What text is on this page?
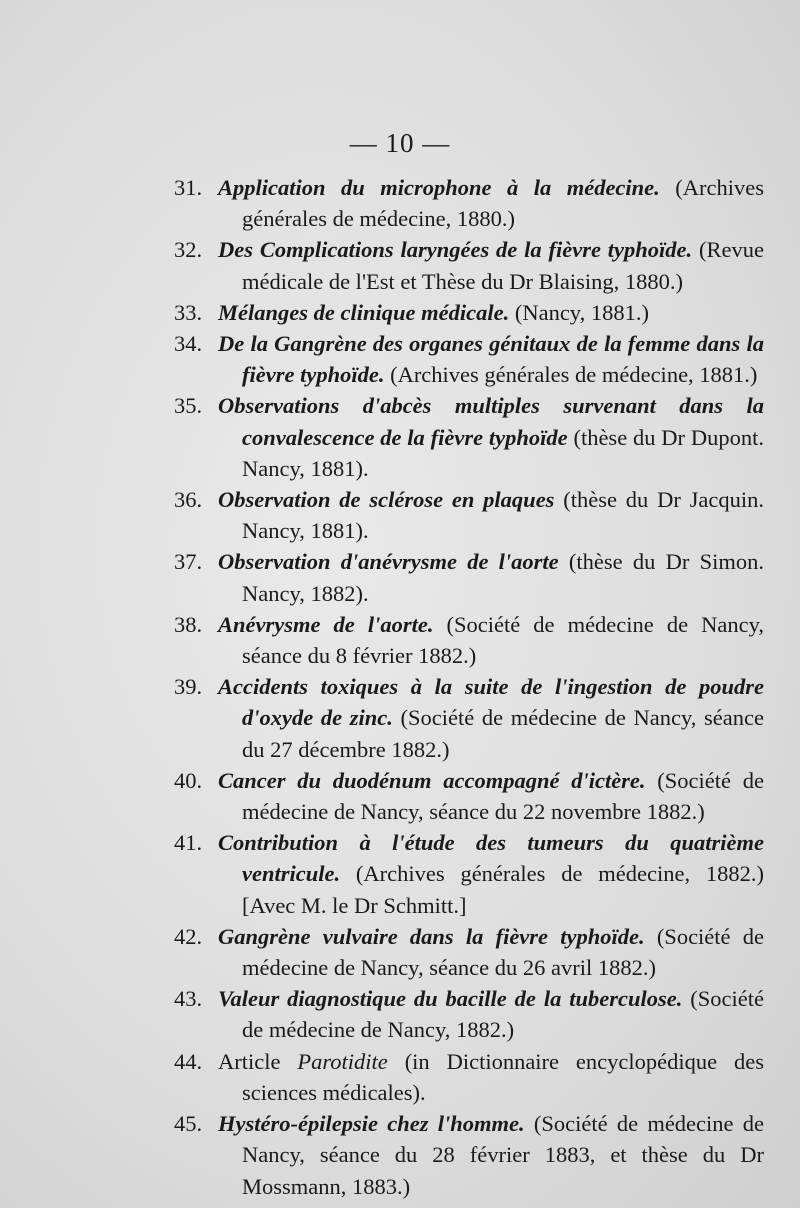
— 10 —

31. Application du microphone à la médecine. (Archives générales de médecine, 1880.)

32. Des Complications laryngées de la fièvre typhoïde. (Revue médicale de l'Est et Thèse du Dr Blaising, 1880.)

33. Mélanges de clinique médicale. (Nancy, 1881.)

34. De la Gangrène des organes génitaux de la femme dans la fièvre typhoïde. (Archives générales de médecine, 1881.)

35. Observations d'abcès multiples survenant dans la convalescence de la fièvre typhoïde (thèse du Dr Dupont. Nancy, 1881).

36. Observation de sclérose en plaques (thèse du Dr Jacquin. Nancy, 1881).

37. Observation d'anévrysme de l'aorte (thèse du Dr Simon. Nancy, 1882).

38. Anévrysme de l'aorte. (Société de médecine de Nancy, séance du 8 février 1882.)

39. Accidents toxiques à la suite de l'ingestion de poudre d'oxyde de zinc. (Société de médecine de Nancy, séance du 27 décembre 1882.)

40. Cancer du duodénum accompagné d'ictère. (Société de médecine de Nancy, séance du 22 novembre 1882.)

41. Contribution à l'étude des tumeurs du quatrième ventricule. (Archives générales de médecine, 1882.) [Avec M. le Dr Schmitt.]

42. Gangrène vulvaire dans la fièvre typhoïde. (Société de médecine de Nancy, séance du 26 avril 1882.)

43. Valeur diagnostique du bacille de la tuberculose. (Société de médecine de Nancy, 1882.)

44. Article Parotidite (in Dictionnaire encyclopédique des sciences médicales).

45. Hystéro-épilepsie chez l'homme. (Société de médecine de Nancy, séance du 28 février 1883, et thèse du Dr Mossmann, 1883.)
